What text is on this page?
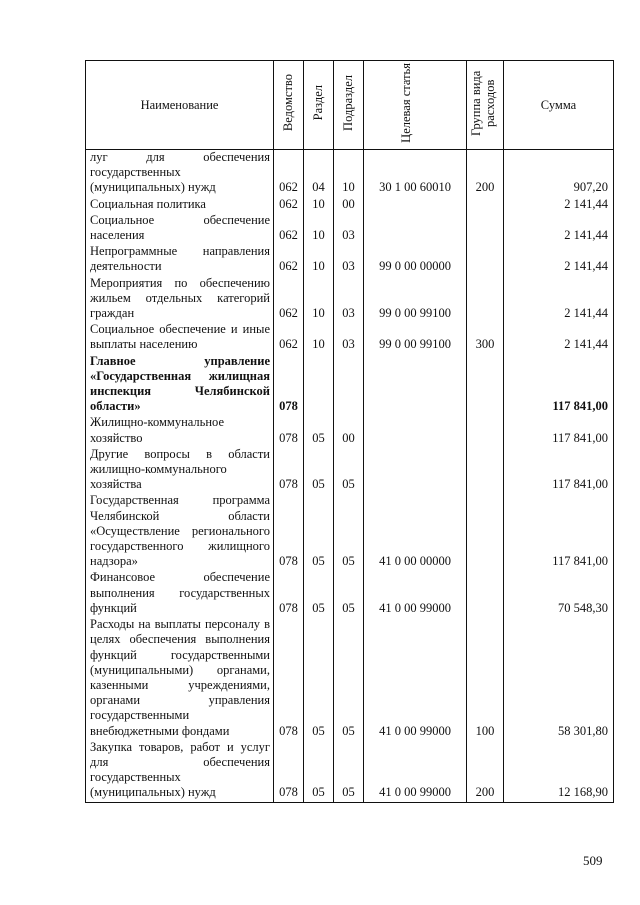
Наименование	Ведомство	Раздел	Подраздел	Целевая статья	Группа вида расходов	Сумма
луг для обеспечения государственных (муниципальных) нужд	062	04	10	30 1 00 60010	200	907,20
Социальная политика	062	10	00			2 141,44
Социальное обеспечение населения	062	10	03			2 141,44
Непрограммные направления деятельности	062	10	03	99 0 00 00000		2 141,44
Мероприятия по обеспечению жильем отдельных категорий граждан	062	10	03	99 0 00 99100		2 141,44
Социальное обеспечение и иные выплаты населению	062	10	03	99 0 00 99100	300	2 141,44
Главное управление «Государственная жилищная инспекция Челябинской области»	078					117 841,00
Жилищно-коммунальное хозяйство	078	05	00			117 841,00
Другие вопросы в области жилищно-коммунального хозяйства	078	05	05			117 841,00
Государственная программа Челябинской области «Осуществление регионального государственного жилищного надзора»	078	05	05	41 0 00 00000		117 841,00
Финансовое обеспечение выполнения государственных функций	078	05	05	41 0 00 99000		70 548,30
Расходы на выплаты персоналу в целях обеспечения выполнения функций государственными (муниципальными) органами, казенными учреждениями, органами управления государственными внебюджетными фондами	078	05	05	41 0 00 99000	100	58 301,80
Закупка товаров, работ и услуг для обеспечения государственных (муниципальных) нужд	078	05	05	41 0 00 99000	200	12 168,90
509
